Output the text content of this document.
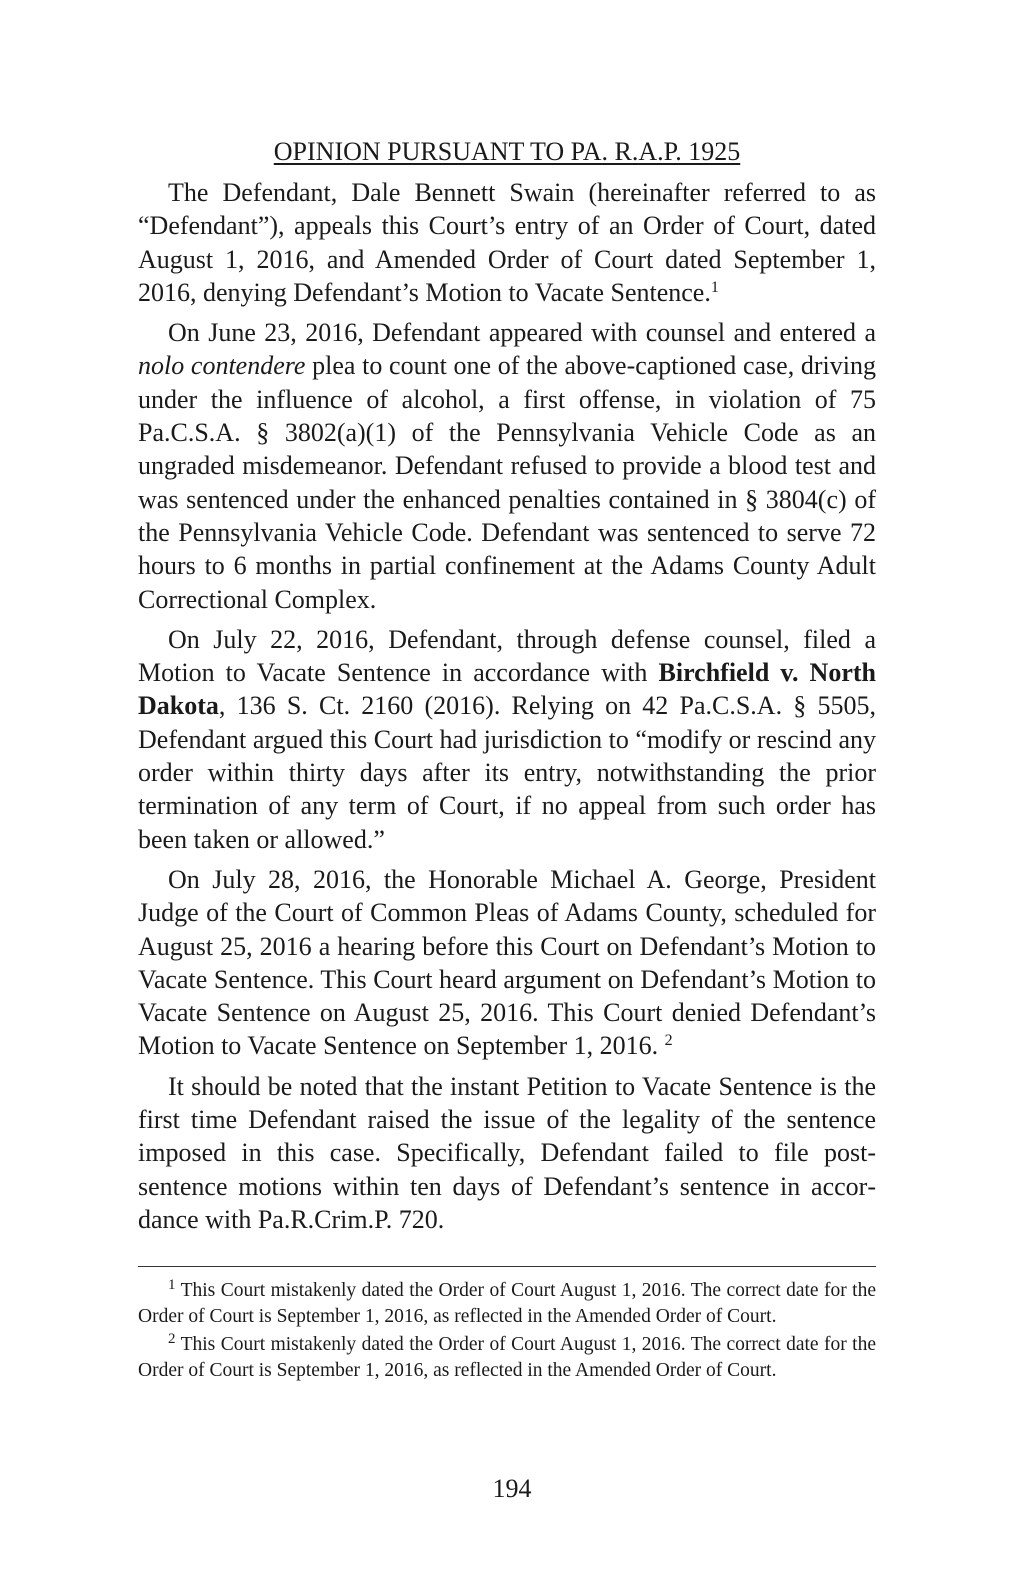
OPINION PURSUANT TO PA. R.A.P. 1925

The Defendant, Dale Bennett Swain (hereinafter referred to as “Defendant”), appeals this Court’s entry of an Order of Court, dated August 1, 2016, and Amended Order of Court dated September 1, 2016, denying Defendant’s Motion to Vacate Sentence.$^1$

On June 23, 2016, Defendant appeared with counsel and entered a nolo contendere plea to count one of the above-captioned case, driving under the influence of alcohol, a first offense, in violation of 75 Pa.C.S.A. § 3802(a)(1) of the Pennsylvania Vehicle Code as an ungraded misdemeanor. Defendant refused to provide a blood test and was sentenced under the enhanced penalties contained in § 3804(c) of the Pennsylvania Vehicle Code. Defendant was sentenced to serve 72 hours to 6 months in partial confinement at the Adams County Adult Correctional Complex.

On July 22, 2016, Defendant, through defense counsel, filed a Motion to Vacate Sentence in accordance with Birchfield v. North Dakota, 136 S. Ct. 2160 (2016). Relying on 42 Pa.C.S.A. § 5505, Defendant argued this Court had jurisdiction to “modify or rescind any order within thirty days after its entry, notwithstanding the prior termination of any term of Court, if no appeal from such order has been taken or allowed.”

On July 28, 2016, the Honorable Michael A. George, President Judge of the Court of Common Pleas of Adams County, scheduled for August 25, 2016 a hearing before this Court on Defendant’s Motion to Vacate Sentence. This Court heard argument on Defendant’s Motion to Vacate Sentence on August 25, 2016. This Court denied Defendant’s Motion to Vacate Sentence on September 1, 2016. $^2$

It should be noted that the instant Petition to Vacate Sentence is the first time Defendant raised the issue of the legality of the sentence imposed in this case. Specifically, Defendant failed to file postsentence motions within ten days of Defendant’s sentence in accordance with Pa.R.Crim.P. 720.

$^1$ This Court mistakenly dated the Order of Court August 1, 2016. The correct date for the Order of Court is September 1, 2016, as reflected in the Amended Order of Court.

$^2$ This Court mistakenly dated the Order of Court August 1, 2016. The correct date for the Order of Court is September 1, 2016, as reflected in the Amended Order of Court.

194
